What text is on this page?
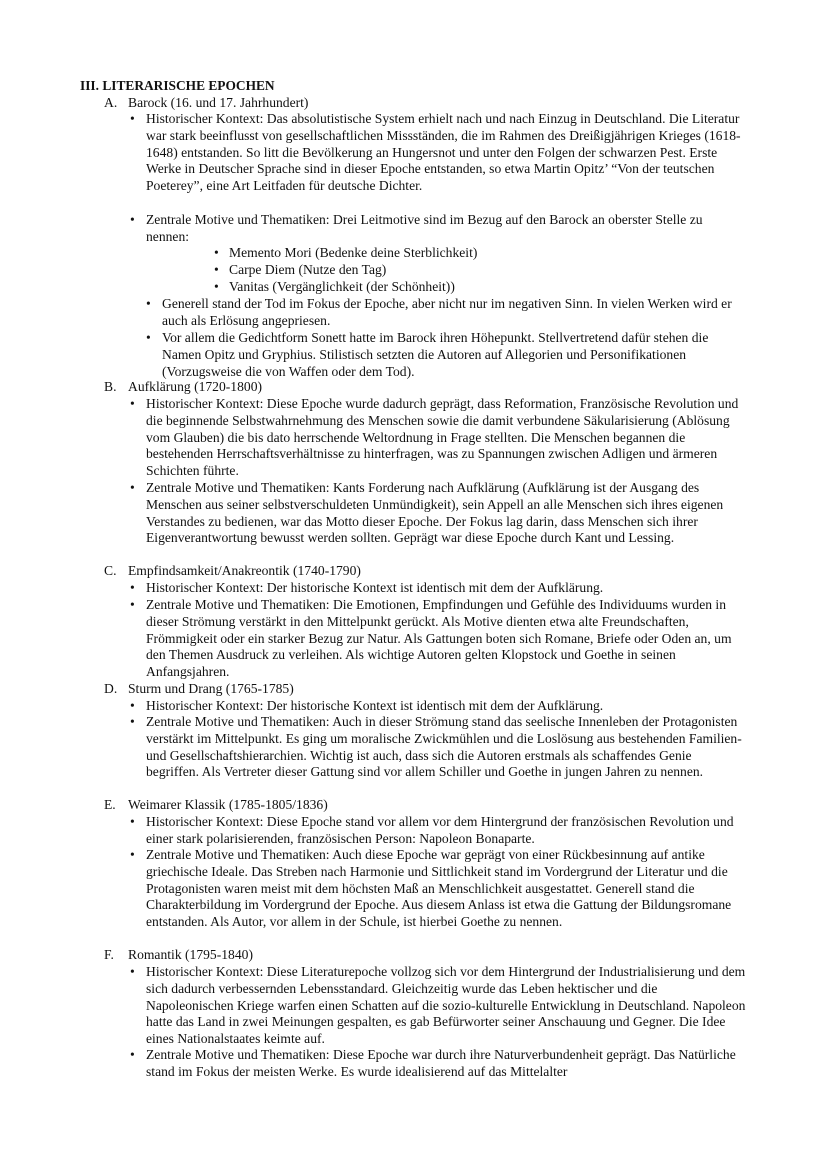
III. LITERARISCHE EPOCHEN
A. Barock (16. und 17. Jahrhundert)
• Historischer Kontext: Das absolutistische System erhielt nach und nach Einzug in Deutschland. Die Literatur war stark beeinflusst von gesellschaftlichen Missständen, die im Rahmen des Dreißigjährigen Krieges (1618-1648) entstanden. So litt die Bevölkerung an Hungersnot und unter den Folgen der schwarzen Pest. Erste Werke in Deutscher Sprache sind in dieser Epoche entstanden, so etwa Martin Opitz’ “Von der teutschen Poeterey”, eine Art Leitfaden für deutsche Dichter.
• Zentrale Motive und Thematiken: Drei Leitmotive sind im Bezug auf den Barock an oberster Stelle zu nennen:
• Memento Mori (Bedenke deine Sterblichkeit)
• Carpe Diem (Nutze den Tag)
• Vanitas (Vergänglichkeit (der Schönheit))
• Generell stand der Tod im Fokus der Epoche, aber nicht nur im negativen Sinn. In vielen Werken wird er auch als Erlösung angepriesen.
• Vor allem die Gedichtform Sonett hatte im Barock ihren Höhepunkt. Stellvertretend dafür stehen die Namen Opitz und Gryphius. Stilistisch setzten die Autoren auf Allegorien und Personifikationen (Vorzugsweise die von Waffen oder dem Tod).
B. Aufklärung (1720-1800)
• Historischer Kontext: Diese Epoche wurde dadurch geprägt, dass Reformation, Französische Revolution und die beginnende Selbstwahrnehmung des Menschen sowie die damit verbundene Säkularisierung (Ablösung vom Glauben) die bis dato herrschende Weltordnung in Frage stellten. Die Menschen begannen die bestehenden Herrschaftsverhältnisse zu hinterfragen, was zu Spannungen zwischen Adligen und ärmeren Schichten führte.
• Zentrale Motive und Thematiken: Kants Forderung nach Aufklärung (Aufklärung ist der Ausgang des Menschen aus seiner selbstverschuldeten Unmündigkeit), sein Appell an alle Menschen sich ihres eigenen Verstandes zu bedienen, war das Motto dieser Epoche. Der Fokus lag darin, dass Menschen sich ihrer Eigenverantwortung bewusst werden sollten. Geprägt war diese Epoche durch Kant und Lessing.
C. Empfindsamkeit/Anakreontik (1740-1790)
• Historischer Kontext: Der historische Kontext ist identisch mit dem der Aufklärung.
• Zentrale Motive und Thematiken: Die Emotionen, Empfindungen und Gefühle des Individuums wurden in dieser Strömung verstärkt in den Mittelpunkt gerückt. Als Motive dienten etwa alte Freundschaften, Frömmigkeit oder ein starker Bezug zur Natur. Als Gattungen boten sich Romane, Briefe oder Oden an, um den Themen Ausdruck zu verleihen. Als wichtige Autoren gelten Klopstock und Goethe in seinen Anfangsjahren.
D. Sturm und Drang (1765-1785)
• Historischer Kontext: Der historische Kontext ist identisch mit dem der Aufklärung.
• Zentrale Motive und Thematiken: Auch in dieser Strömung stand das seelische Innenleben der Protagonisten verstärkt im Mittelpunkt. Es ging um moralische Zwickmühlen und die Loslösung aus bestehenden Familien- und Gesellschaftshierarchien. Wichtig ist auch, dass sich die Autoren erstmals als schaffendes Genie begriffen. Als Vertreter dieser Gattung sind vor allem Schiller und Goethe in jungen Jahren zu nennen.
E. Weimarer Klassik (1785-1805/1836)
• Historischer Kontext: Diese Epoche stand vor allem vor dem Hintergrund der französischen Revolution und einer stark polarisierenden, französischen Person: Napoleon Bonaparte.
• Zentrale Motive und Thematiken: Auch diese Epoche war geprägt von einer Rückbesinnung auf antike griechische Ideale. Das Streben nach Harmonie und Sittlichkeit stand im Vordergrund der Literatur und die Protagonisten waren meist mit dem höchsten Maß an Menschlichkeit ausgestattet. Generell stand die Charakterbildung im Vordergrund der Epoche. Aus diesem Anlass ist etwa die Gattung der Bildungsromane entstanden. Als Autor, vor allem in der Schule, ist hierbei Goethe zu nennen.
F. Romantik (1795-1840)
• Historischer Kontext: Diese Literaturepoche vollzog sich vor dem Hintergrund der Industrialisierung und dem sich dadurch verbessernden Lebensstandard. Gleichzeitig wurde das Leben hektischer und die Napoleonischen Kriege warfen einen Schatten auf die sozio-kulturelle Entwicklung in Deutschland. Napoleon hatte das Land in zwei Meinungen gespalten, es gab Befürworter seiner Anschauung und Gegner. Die Idee eines Nationalstaates keimte auf.
• Zentrale Motive und Thematiken: Diese Epoche war durch ihre Naturverbundenheit geprägt. Das Natürliche stand im Fokus der meisten Werke. Es wurde idealisierend auf das Mittelalter
